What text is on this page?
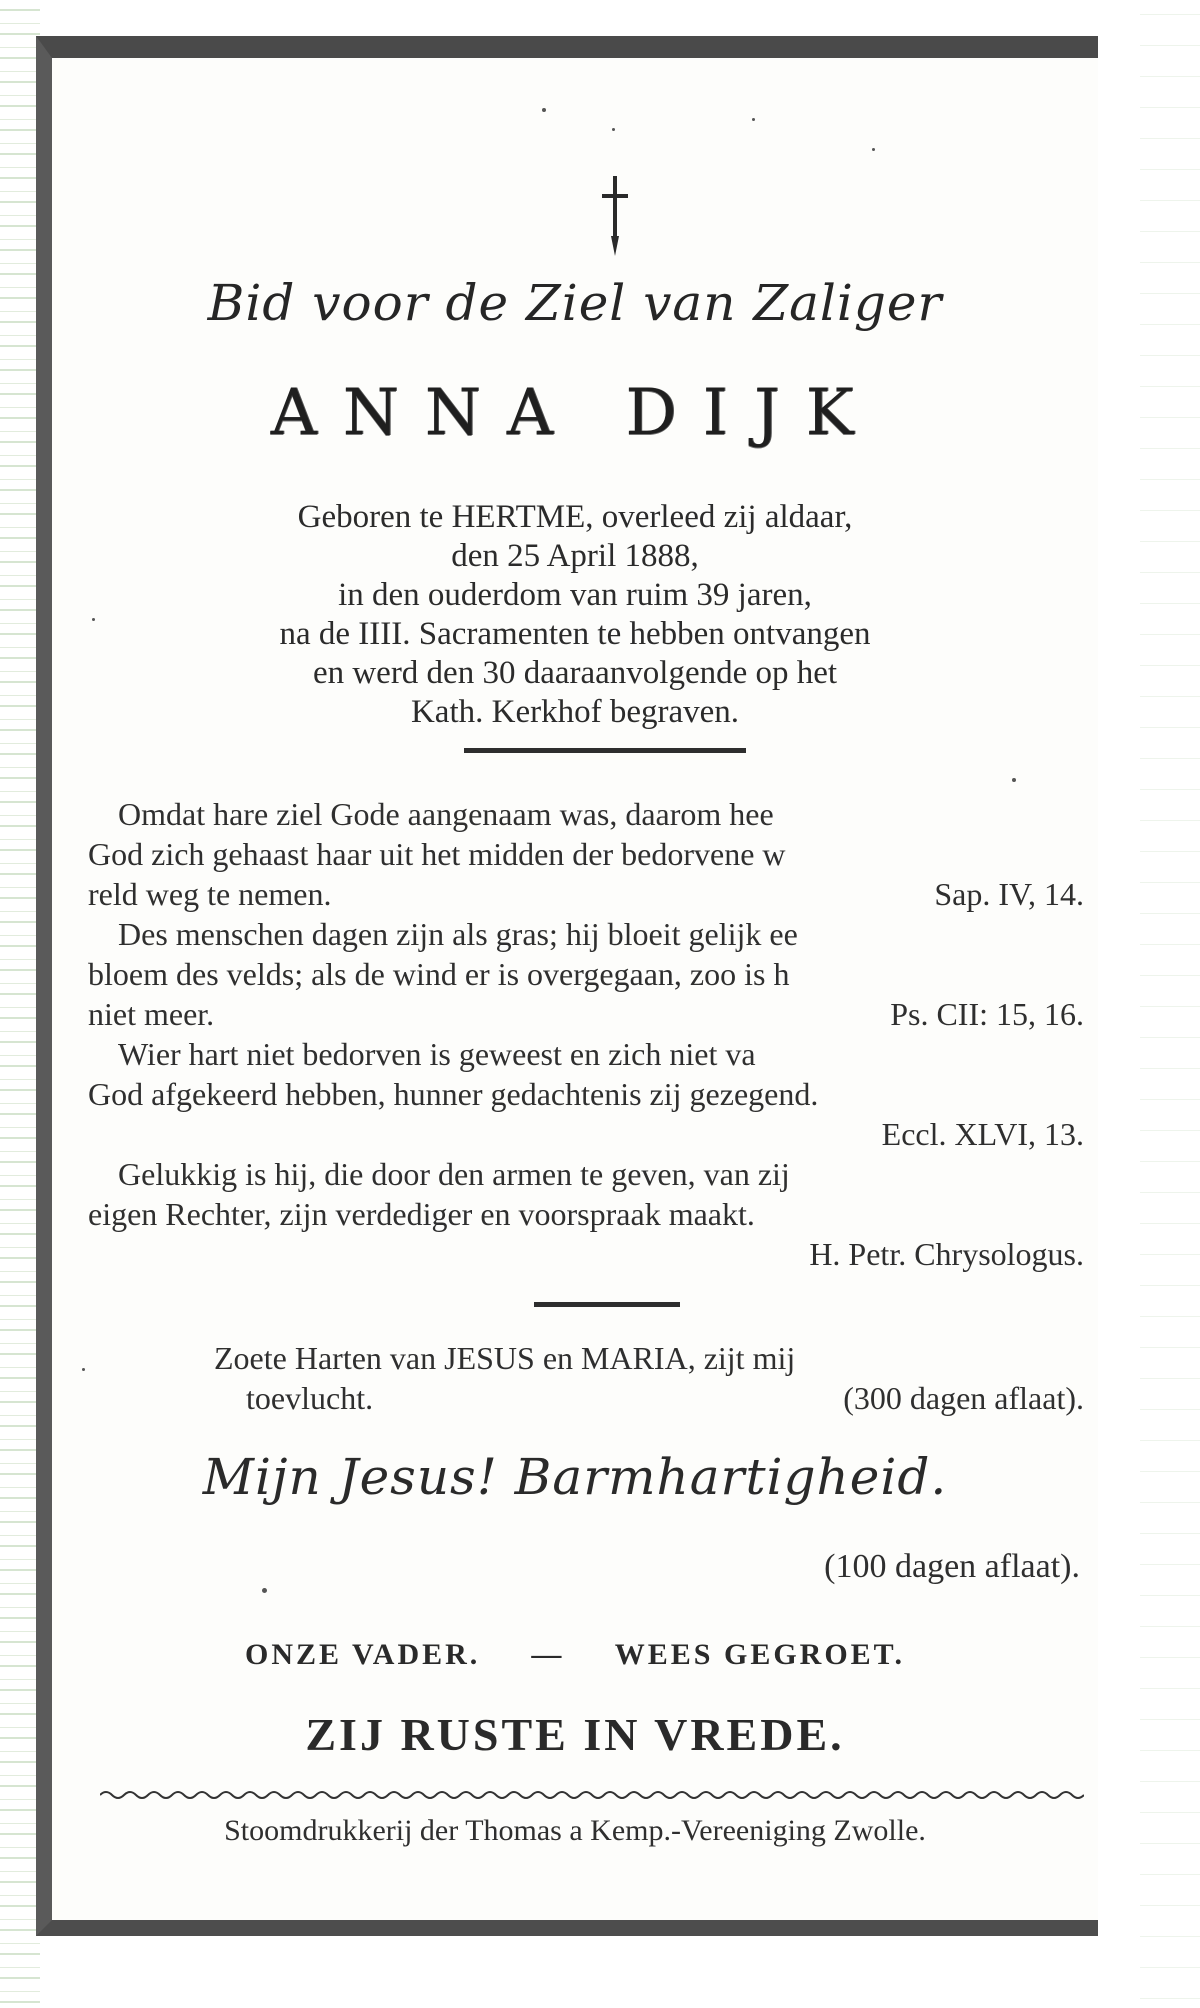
Bid voor de Ziel van Zaliger
ANNA DIJK
Geboren te HERTME, overleed zij aldaar,
den 25 April 1888,
in den ouderdom van ruim 39 jaren,
na de IIII. Sacramenten te hebben ontvangen
en werd den 30 daaraanvolgende op het
Kath. Kerkhof begraven.
Omdat hare ziel Gode aangenaam was, daarom hee
God zich gehaast haar uit het midden der bedorvene w
reld weg te nemen.	Sap. IV, 14.
Des menschen dagen zijn als gras; hij bloeit gelijk ee
bloem des velds; als de wind er is overgegaan, zoo is h
niet meer.	Ps. CII: 15, 16.
Wier hart niet bedorven is geweest en zich niet va
God afgekeerd hebben, hunner gedachtenis zij gezegend.
Eccl. XLVI, 13.
Gelukkig is hij, die door den armen te geven, van zij
eigen Rechter, zijn verdediger en voorspraak maakt.
H. Petr. Chrysologus.
Zoete Harten van JESUS en MARIA, zijt mij
toevlucht.	(300 dagen aflaat).
Mijn Jesus! Barmhartigheid.
(100 dagen aflaat).
ONZE VADER. — WEES GEGROET.
ZIJ RUSTE IN VREDE.
Stoomdrukkerij der Thomas a Kemp.-Vereeniging Zwolle.
